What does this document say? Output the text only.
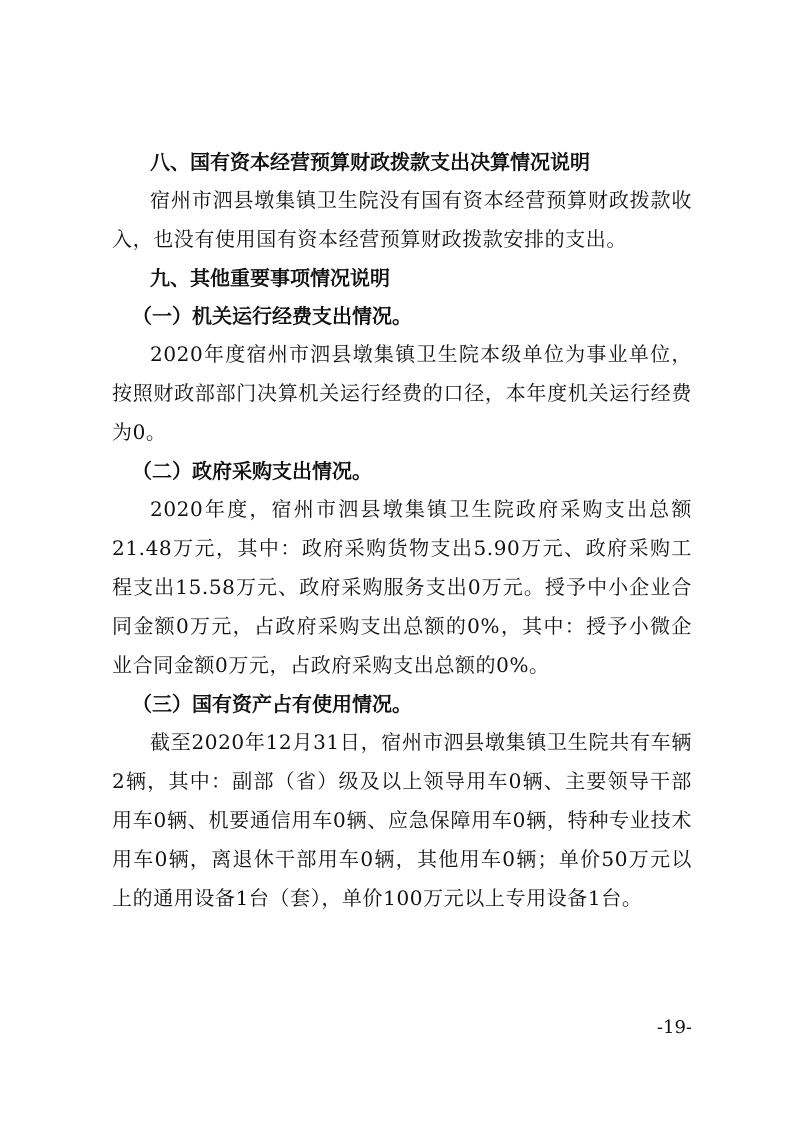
八、国有资本经营预算财政拨款支出决算情况说明

宿州市泗县墩集镇卫生院没有国有资本经营预算财政拨款收入，也没有使用国有资本经营预算财政拨款安排的支出。

九、其他重要事项情况说明

（一）机关运行经费支出情况。

2020年度宿州市泗县墩集镇卫生院本级单位为事业单位，按照财政部部门决算机关运行经费的口径，本年度机关运行经费为0。

（二）政府采购支出情况。

2020年度，宿州市泗县墩集镇卫生院政府采购支出总额21.48万元，其中：政府采购货物支出5.90万元、政府采购工程支出15.58万元、政府采购服务支出0万元。授予中小企业合同金额0万元，占政府采购支出总额的0%，其中：授予小微企业合同金额0万元，占政府采购支出总额的0%。

（三）国有资产占有使用情况。

截至2020年12月31日，宿州市泗县墩集镇卫生院共有车辆2辆，其中：副部（省）级及以上领导用车0辆、主要领导干部用车0辆、机要通信用车0辆、应急保障用车0辆，特种专业技术用车0辆，离退休干部用车0辆，其他用车0辆；单价50万元以上的通用设备1台（套），单价100万元以上专用设备1台。

-19-
